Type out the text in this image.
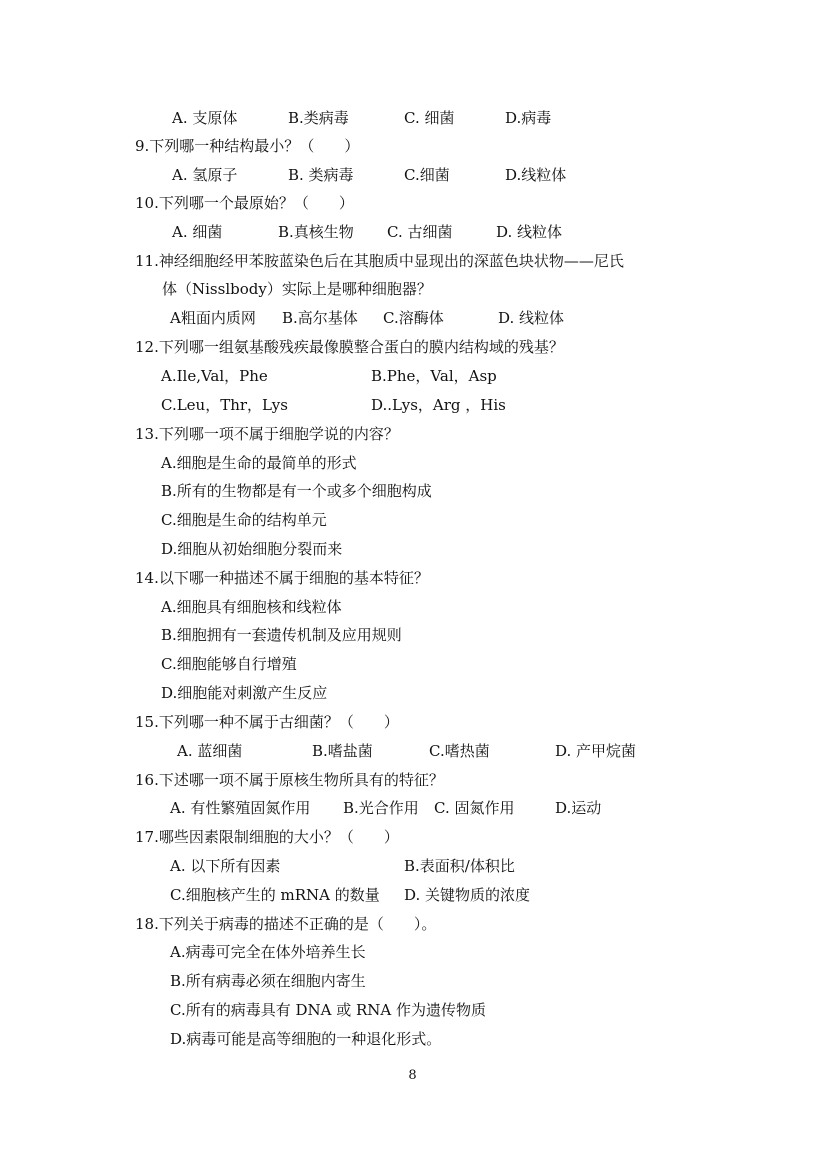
A. 支原体	B.类病毒	C. 细菌	D.病毒
9.下列哪一种结构最小？（　　）
A. 氢原子	B. 类病毒	C.细菌	D.线粒体
10.下列哪一个最原始？（　　）
A. 细菌	B.真核生物 C. 古细菌	D. 线粒体
11.神经细胞经甲苯胺蓝染色后在其胞质中显现出的深蓝色块状物——尼氏
体（Nisslbody）实际上是哪种细胞器？
A粗面内质网 B.高尔基体 C.溶酶体	D. 线粒体
12.下列哪一组氨基酸残疾最像膜整合蛋白的膜内结构域的残基？
A.Ile,Val，Phe	B.Phe，Val，Asp
C.Leu，Thr，Lys	D..Lys，Arg ，His
13.下列哪一项不属于细胞学说的内容？
A.细胞是生命的最简单的形式
B.所有的生物都是有一个或多个细胞构成
C.细胞是生命的结构单元
D.细胞从初始细胞分裂而来
14.以下哪一种描述不属于细胞的基本特征？
A.细胞具有细胞核和线粒体
B.细胞拥有一套遗传机制及应用规则
C.细胞能够自行增殖
D.细胞能对刺激产生反应
15.下列哪一种不属于古细菌？（　　）
A. 蓝细菌	B.嗜盐菌	C.嗜热菌	D. 产甲烷菌
16.下述哪一项不属于原核生物所具有的特征？
A. 有性繁殖固氮作用 B.光合作用 C. 固氮作用	D.运动
17.哪些因素限制细胞的大小？（　　）
A. 以下所有因素	B.表面积/体积比
C.细胞核产生的 mRNA 的数量 D. 关键物质的浓度
18.下列关于病毒的描述不正确的是（　　）。
A.病毒可完全在体外培养生长
B.所有病毒必须在细胞内寄生
C.所有的病毒具有 DNA 或 RNA 作为遗传物质
D.病毒可能是高等细胞的一种退化形式。
8
